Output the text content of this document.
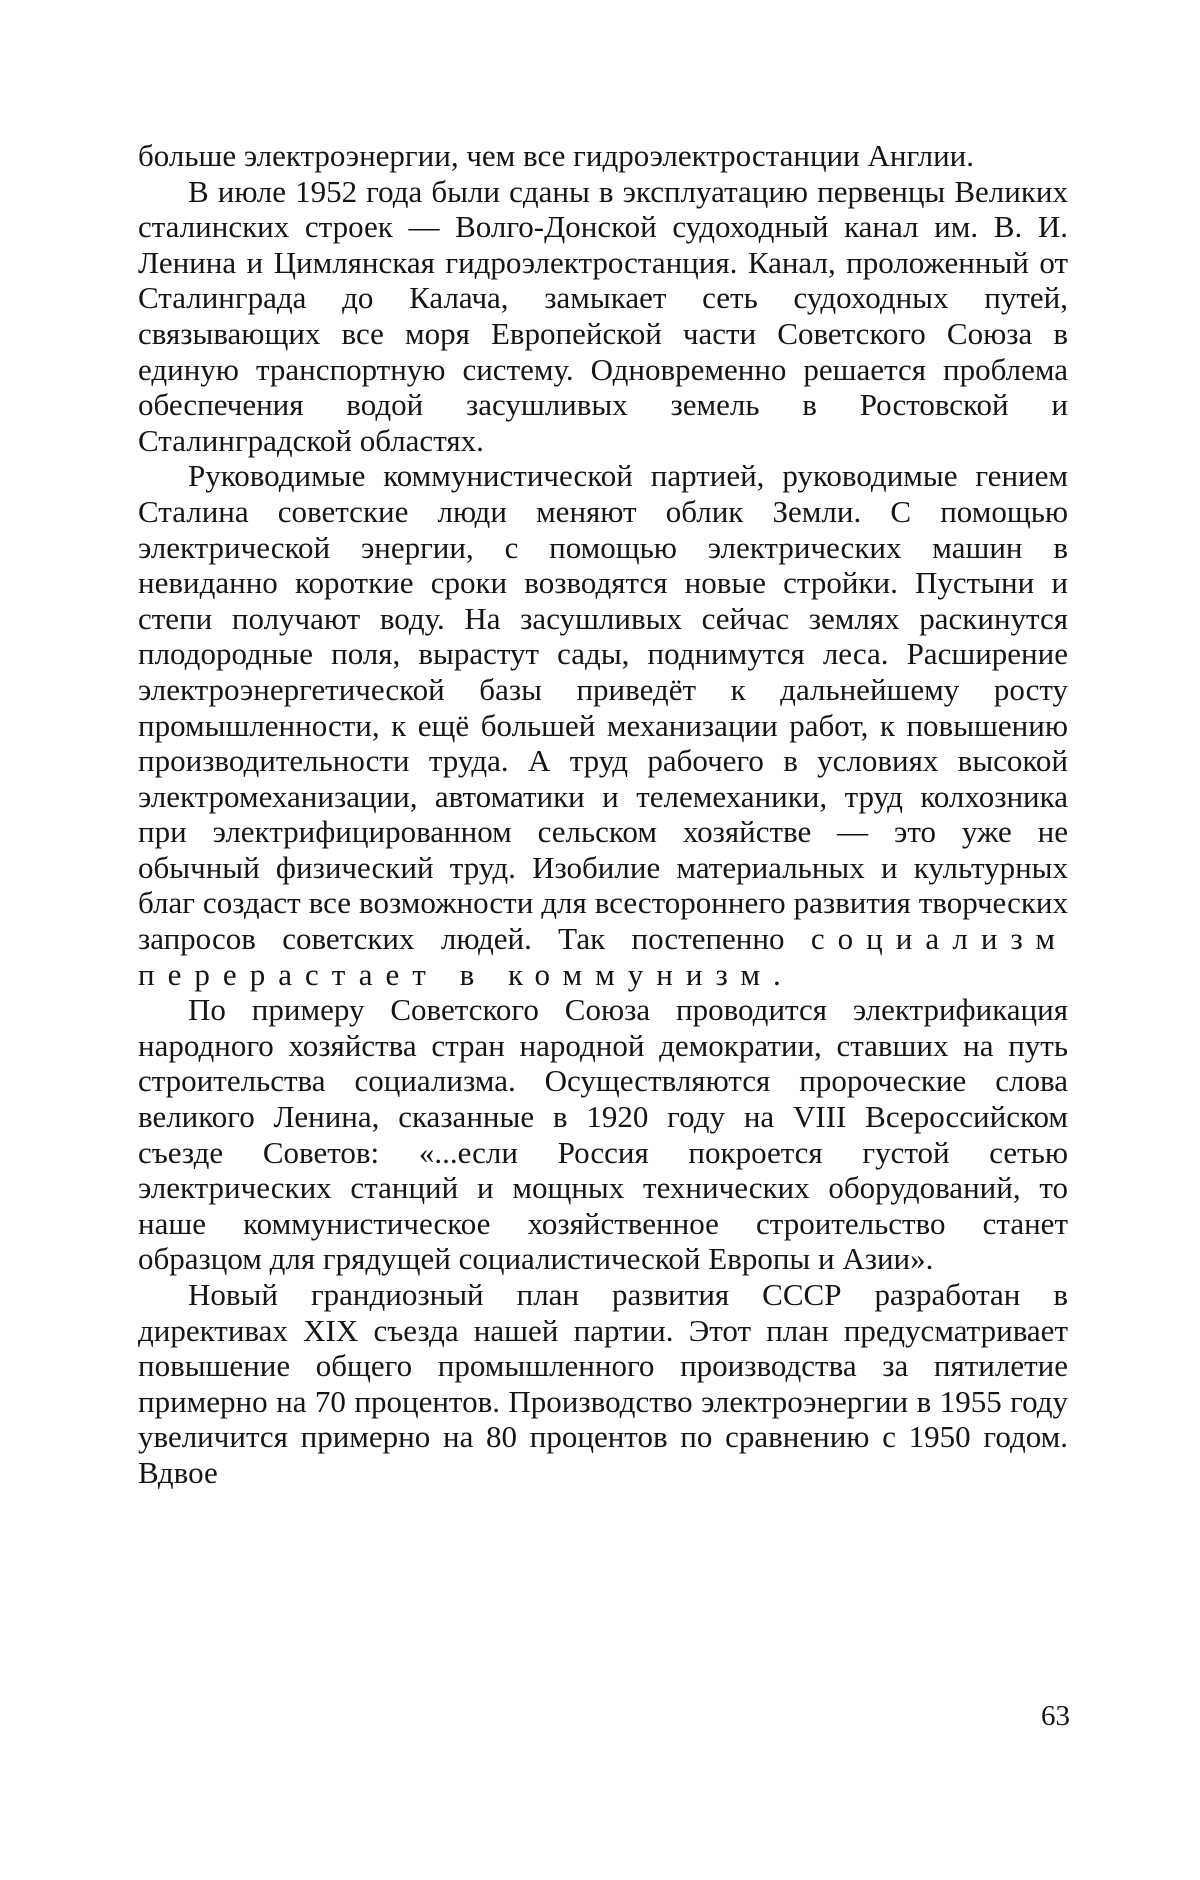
больше электроэнергии, чем все гидроэлектростанции Англии.

В июле 1952 года были сданы в эксплуатацию первенцы Великих сталинских строек — Волго-Донской судоходный канал им. В. И. Ленина и Цимлянская гидроэлектростанция. Канал, проложенный от Сталинграда до Калача, замыкает сеть судоходных путей, связывающих все моря Европейской части Советского Союза в единую транспортную систему. Одновременно решается проблема обеспечения водой засушливых земель в Ростовской и Сталинградской областях.

Руководимые коммунистической партией, руководимые гением Сталина советские люди меняют облик Земли. С помощью электрической энергии, с помощью электрических машин в невиданно короткие сроки возводятся новые стройки. Пустыни и степи получают воду. На засушливых сейчас землях раскинутся плодородные поля, вырастут сады, поднимутся леса. Расширение электроэнергетической базы приведёт к дальнейшему росту промышленности, к ещё большей механизации работ, к повышению производительности труда. А труд рабочего в условиях высокой электромеханизации, автоматики и телемеханики, труд колхозника при электрифицированном сельском хозяйстве — это уже не обычный физический труд. Изобилие материальных и культурных благ создаст все возможности для всестороннего развития творческих запросов советских людей. Так постепенно социализм перерастает в коммунизм.

По примеру Советского Союза проводится электрификация народного хозяйства стран народной демократии, ставших на путь строительства социализма. Осуществляются пророческие слова великого Ленина, сказанные в 1920 году на VIII Всероссийском съезде Советов: «...если Россия покроется густой сетью электрических станций и мощных технических оборудований, то наше коммунистическое хозяйственное строительство станет образцом для грядущей социалистической Европы и Азии».

Новый грандиозный план развития СССР разработан в директивах XIX съезда нашей партии. Этот план предусматривает повышение общего промышленного производства за пятилетие примерно на 70 процентов. Производство электроэнергии в 1955 году увеличится примерно на 80 процентов по сравнению с 1950 годом. Вдвое

63
